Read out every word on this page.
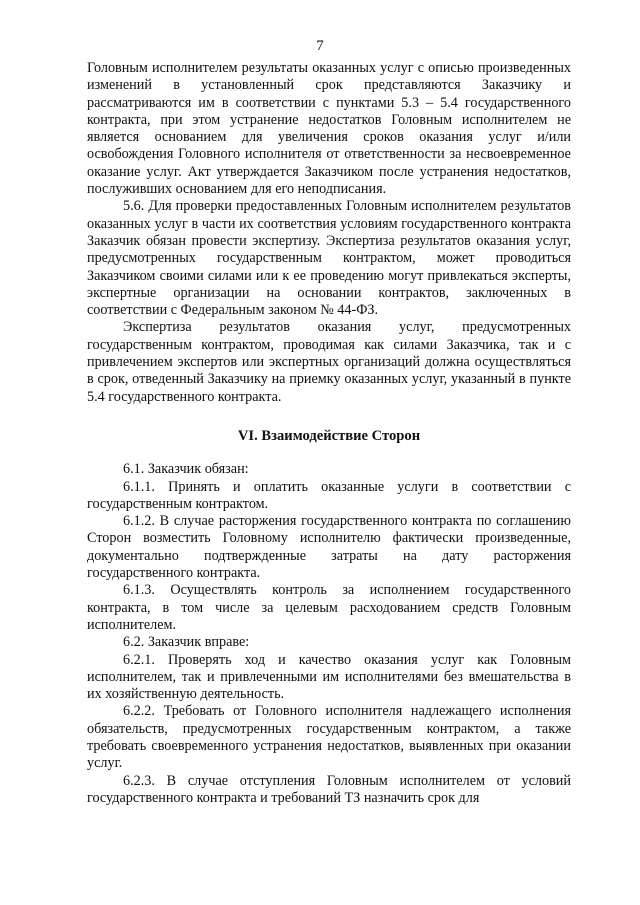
7

Головным исполнителем результаты оказанных услуг с описью произведенных изменений в установленный срок представляются Заказчику и рассматриваются им в соответствии с пунктами 5.3 – 5.4 государственного контракта, при этом устранение недостатков Головным исполнителем не является основанием для увеличения сроков оказания услуг и/или освобождения Головного исполнителя от ответственности за несвоевременное оказание услуг. Акт утверждается Заказчиком после устранения недостатков, послуживших основанием для его неподписания.

5.6. Для проверки предоставленных Головным исполнителем результатов оказанных услуг в части их соответствия условиям государственного контракта Заказчик обязан провести экспертизу. Экспертиза результатов оказания услуг, предусмотренных государственным контрактом, может проводиться Заказчиком своими силами или к ее проведению могут привлекаться эксперты, экспертные организации на основании контрактов, заключенных в соответствии с Федеральным законом № 44-ФЗ.

Экспертиза результатов оказания услуг, предусмотренных государственным контрактом, проводимая как силами Заказчика, так и с привлечением экспертов или экспертных организаций должна осуществляться в срок, отведенный Заказчику на приемку оказанных услуг, указанный в пункте 5.4 государственного контракта.

VI. Взаимодействие Сторон

6.1. Заказчик обязан:

6.1.1. Принять и оплатить оказанные услуги в соответствии с государственным контрактом.

6.1.2. В случае расторжения государственного контракта по соглашению Сторон возместить Головному исполнителю фактически произведенные, документально подтвержденные затраты на дату расторжения государственного контракта.

6.1.3. Осуществлять контроль за исполнением государственного контракта, в том числе за целевым расходованием средств Головным исполнителем.

6.2. Заказчик вправе:

6.2.1. Проверять ход и качество оказания услуг как Головным исполнителем, так и привлеченными им исполнителями без вмешательства в их хозяйственную деятельность.

6.2.2. Требовать от Головного исполнителя надлежащего исполнения обязательств, предусмотренных государственным контрактом, а также требовать своевременного устранения недостатков, выявленных при оказании услуг.

6.2.3. В случае отступления Головным исполнителем от условий государственного контракта и требований ТЗ назначить срок для
